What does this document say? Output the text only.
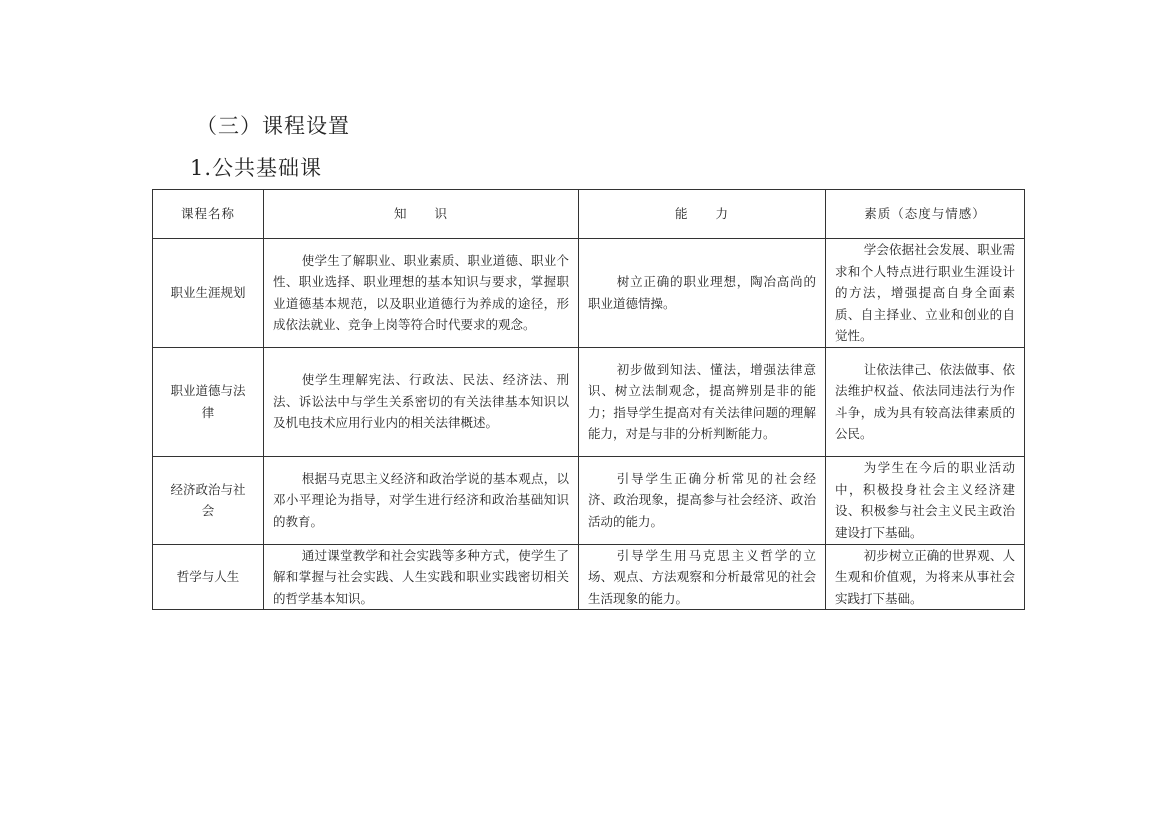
（三）课程设置
1.公共基础课
课程名称	知　　识	能　　力	素质（态度与情感）
职业生涯规划	使学生了解职业、职业素质、职业道德、职业个性、职业选择、职业理想的基本知识与要求，掌握职业道德基本规范，以及职业道德行为养成的途径，形成依法就业、竞争上岗等符合时代要求的观念。	树立正确的职业理想，陶冶高尚的职业道德情操。	学会依据社会发展、职业需求和个人特点进行职业生涯设计的方法，增强提高自身全面素质、自主择业、立业和创业的自觉性。
职业道德与法律	使学生理解宪法、行政法、民法、经济法、刑法、诉讼法中与学生关系密切的有关法律基本知识以及机电技术应用行业内的相关法律概述。	初步做到知法、懂法，增强法律意识、树立法制观念，提高辨别是非的能力；指导学生提高对有关法律问题的理解能力，对是与非的分析判断能力。	让依法律己、依法做事、依法维护权益、依法同违法行为作斗争，成为具有较高法律素质的公民。
经济政治与社会	根据马克思主义经济和政治学说的基本观点，以邓小平理论为指导，对学生进行经济和政治基础知识的教育。	引导学生正确分析常见的社会经济、政治现象，提高参与社会经济、政治活动的能力。	为学生在今后的职业活动中，积极投身社会主义经济建设、积极参与社会主义民主政治建设打下基础。
哲学与人生	通过课堂教学和社会实践等多种方式，使学生了解和掌握与社会实践、人生实践和职业实践密切相关的哲学基本知识。	引导学生用马克思主义哲学的立场、观点、方法观察和分析最常见的社会生活现象的能力。	初步树立正确的世界观、人生观和价值观，为将来从事社会实践打下基础。
